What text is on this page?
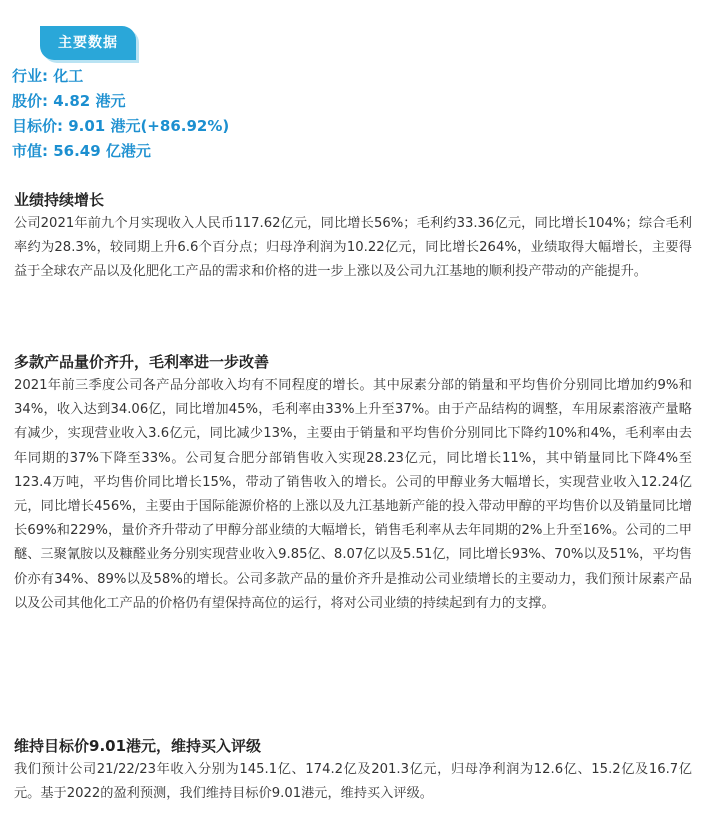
主要数据
行业: 化工
股价: 4.82 港元
目标价: 9.01 港元(+86.92%)
市值: 56.49 亿港元
业绩持续增长

公司2021年前九个月实现收入人民币117.62亿元，同比增长56%；毛利约33.36亿元，同比增长104%；综合毛利率约为28.3%，较同期上升6.6个百分点；归母净利润为10.22亿元，同比增长264%，业绩取得大幅增长，主要得益于全球农产品以及化肥化工产品的需求和价格的进一步上涨以及公司九江基地的顺利投产带动的产能提升。

多款产品量价齐升，毛利率进一步改善

2021年前三季度公司各产品分部收入均有不同程度的增长。其中尿素分部的销量和平均售价分别同比增加约9%和34%，收入达到34.06亿，同比增加45%，毛利率由33%上升至37%。由于产品结构的调整，车用尿素溶液产量略有减少，实现营业收入3.6亿元，同比减少13%，主要由于销量和平均售价分别同比下降约10%和4%，毛利率由去年同期的37%下降至33%。公司复合肥分部销售收入实现28.23亿元，同比增长11%，其中销量同比下降4%至123.4万吨，平均售价同比增长15%，带动了销售收入的增长。公司的甲醇业务大幅增长，实现营业收入12.24亿元，同比增长456%，主要由于国际能源价格的上涨以及九江基地新产能的投入带动甲醇的平均售价以及销量同比增长69%和229%，量价齐升带动了甲醇分部业绩的大幅增长，销售毛利率从去年同期的2%上升至16%。公司的二甲醚、三聚氰胺以及糠醛业务分别实现营业收入9.85亿、8.07亿以及5.51亿，同比增长93%、70%以及51%，平均售价亦有34%、89%以及58%的增长。公司多款产品的量价齐升是推动公司业绩增长的主要动力，我们预计尿素产品以及公司其他化工产品的价格仍有望保持高位的运行，将对公司业绩的持续起到有力的支撑。

维持目标价9.01港元，维持买入评级

我们预计公司21/22/23年收入分别为145.1亿、174.2亿及201.3亿元，归母净利润为12.6亿、15.2亿及16.7亿元。基于2022的盈利预测，我们维持目标价9.01港元，维持买入评级。
